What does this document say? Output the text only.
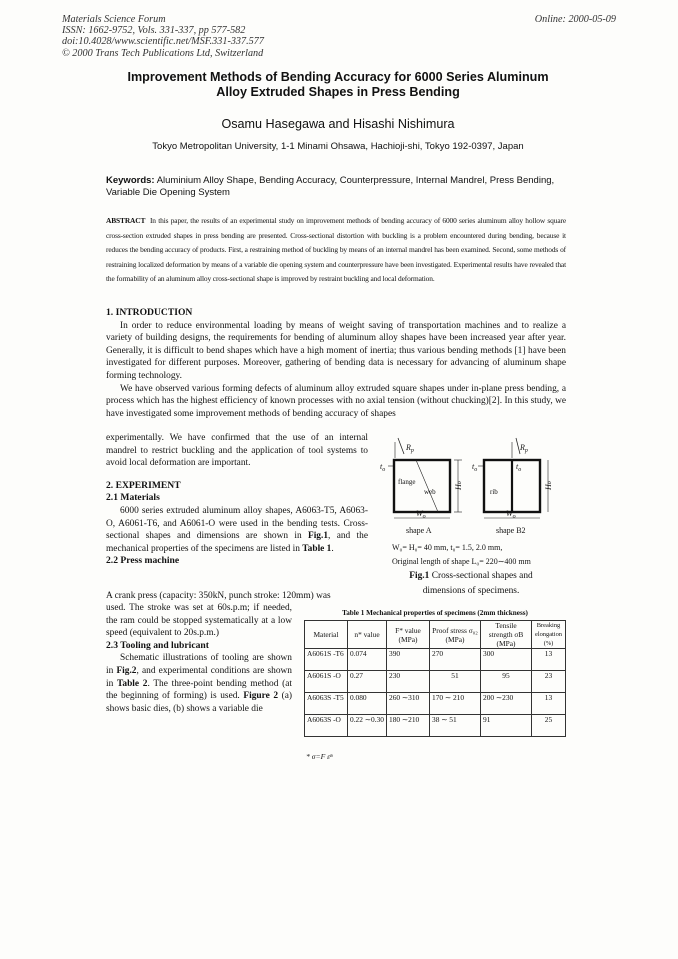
Materials Science Forum
ISSN: 1662-9752, Vols. 331-337, pp 577-582
doi:10.4028/www.scientific.net/MSF.331-337.577
© 2000 Trans Tech Publications Ltd, Switzerland
Online: 2000-05-09
Improvement Methods of Bending Accuracy for 6000 Series Aluminum
Alloy Extruded Shapes in Press Bending
Osamu Hasegawa and Hisashi Nishimura
Tokyo Metropolitan University, 1-1 Minami Ohsawa, Hachioji-shi, Tokyo 192-0397, Japan
Keywords: Aluminium Alloy Shape, Bending Accuracy, Counterpressure, Internal Mandrel, Press Bending, Variable Die Opening System
ABSTRACT In this paper, the results of an experimental study on improvement methods of bending accuracy of 6000 series aluminum alloy hollow square cross-section extruded shapes in press bending are presented. Cross-sectional distortion with buckling is a problem encountered during bending, because it reduces the bending accuracy of products. First, a restraining method of buckling by means of an internal mandrel has been examined. Second, some methods of restraining localized deformation by means of a variable die opening system and counterpressure have been investigated. Experimental results have revealed that the formability of an aluminum alloy cross-sectional shape is improved by restraint buckling and local deformation.
1. INTRODUCTION

In order to reduce environmental loading by means of weight saving of transportation machines and to realize a variety of building designs, the requirements for bending of aluminum alloy shapes have been increased year after year. Generally, it is difficult to bend shapes which have a high moment of inertia; thus various bending methods [1] have been investigated for different purposes. Moreover, gathering of bending data is necessary for advancing of aluminum shape forming technology.

We have observed various forming defects of aluminum alloy extruded square shapes under in-plane press bending, a process which has the highest efficiency of known processes with no axial tension (without chucking)[2]. In this study, we have investigated some improvement methods of bending accuracy of shapes

experimentally. We have confirmed that the use of an internal mandrel to restrict buckling and the application of tool systems to avoid local deformation are important.
2. EXPERIMENT
2.1 Materials

6000 series extruded aluminum alloy shapes, A6063-T5, A6063-O, A6061-T6, and A6061-O were used in the bending tests. Cross-sectional shapes and dimensions are shown in Fig.1, and the mechanical properties of the specimens are listed in Table 1.

2.2 Press machine
A crank press (capacity: 350kN, punch stroke: 120mm) was
used. The stroke was set at 60s.p.m; if needed, the ram could be stopped systematically at a low speed (equivalent to 20s.p.m.)
2.3 Tooling and lubricant

Schematic illustrations of tooling are shown in Fig.2, and experimental conditions are shown in Table 2. The three-point bending method (at the beginning of forming) is used. Figure 2 (a) shows basic dies, (b) shows a variable die

$R_p$
$t_o$
flange
web
Ho
$W_o$
shape A
$R_p$
$t_o$	$t_o$
rib
Ho
$W_o$
shape B2
W₀= H₀= 40 mm, t₀= 1.5, 2.0 mm,
Original length of shape L₀= 220∼400 mm
Fig.1 Cross-sectional shapes and
dimensions of specimens.
Table 1 Mechanical properties of specimens (2mm thickness)
Material	n* value	F* value (MPa)	Proof stress σ₀₂ (MPa)	Tensile strength σB (MPa)	Breaking elongation (%)
A6061S -T6	0.074	390	270	300	13
A6061S -O	0.27	230	51	95	23
A6063S -T5	0.080	260 ∼310	170 ∼ 210	200 ∼230	13
A6063S -O	0.22 ∼0.30	180 ∼210	38 ∼ 51	91	25
* σ=F εⁿ
